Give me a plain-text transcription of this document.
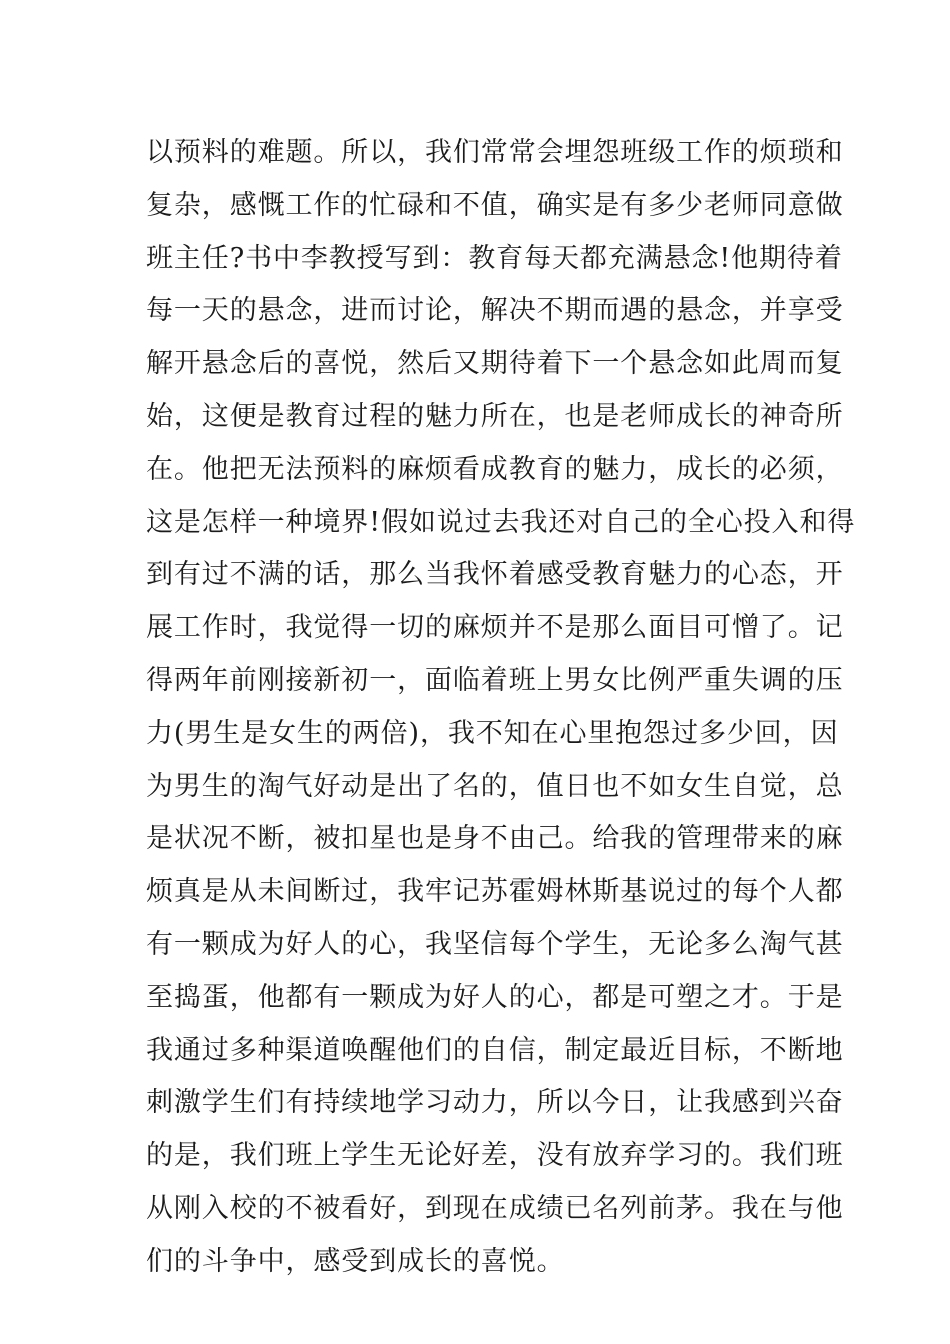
以预料的难题。所以，我们常常会埋怨班级工作的烦琐和
复杂，感慨工作的忙碌和不值，确实是有多少老师同意做
班主任?书中李教授写到：教育每天都充满悬念!他期待着
每一天的悬念，进而讨论，解决不期而遇的悬念，并享受
解开悬念后的喜悦，然后又期待着下一个悬念如此周而复
始，这便是教育过程的魅力所在，也是老师成长的神奇所
在。他把无法预料的麻烦看成教育的魅力，成长的必须，
这是怎样一种境界!假如说过去我还对自己的全心投入和得
到有过不满的话，那么当我怀着感受教育魅力的心态，开
展工作时，我觉得一切的麻烦并不是那么面目可憎了。记
得两年前刚接新初一，面临着班上男女比例严重失调的压
力(男生是女生的两倍)，我不知在心里抱怨过多少回，因
为男生的淘气好动是出了名的，值日也不如女生自觉，总
是状况不断，被扣星也是身不由己。给我的管理带来的麻
烦真是从未间断过，我牢记苏霍姆林斯基说过的每个人都
有一颗成为好人的心，我坚信每个学生，无论多么淘气甚
至捣蛋，他都有一颗成为好人的心，都是可塑之才。于是
我通过多种渠道唤醒他们的自信，制定最近目标，不断地
刺激学生们有持续地学习动力，所以今日，让我感到兴奋
的是，我们班上学生无论好差，没有放弃学习的。我们班
从刚入校的不被看好，到现在成绩已名列前茅。我在与他
们的斗争中，感受到成长的喜悦。
